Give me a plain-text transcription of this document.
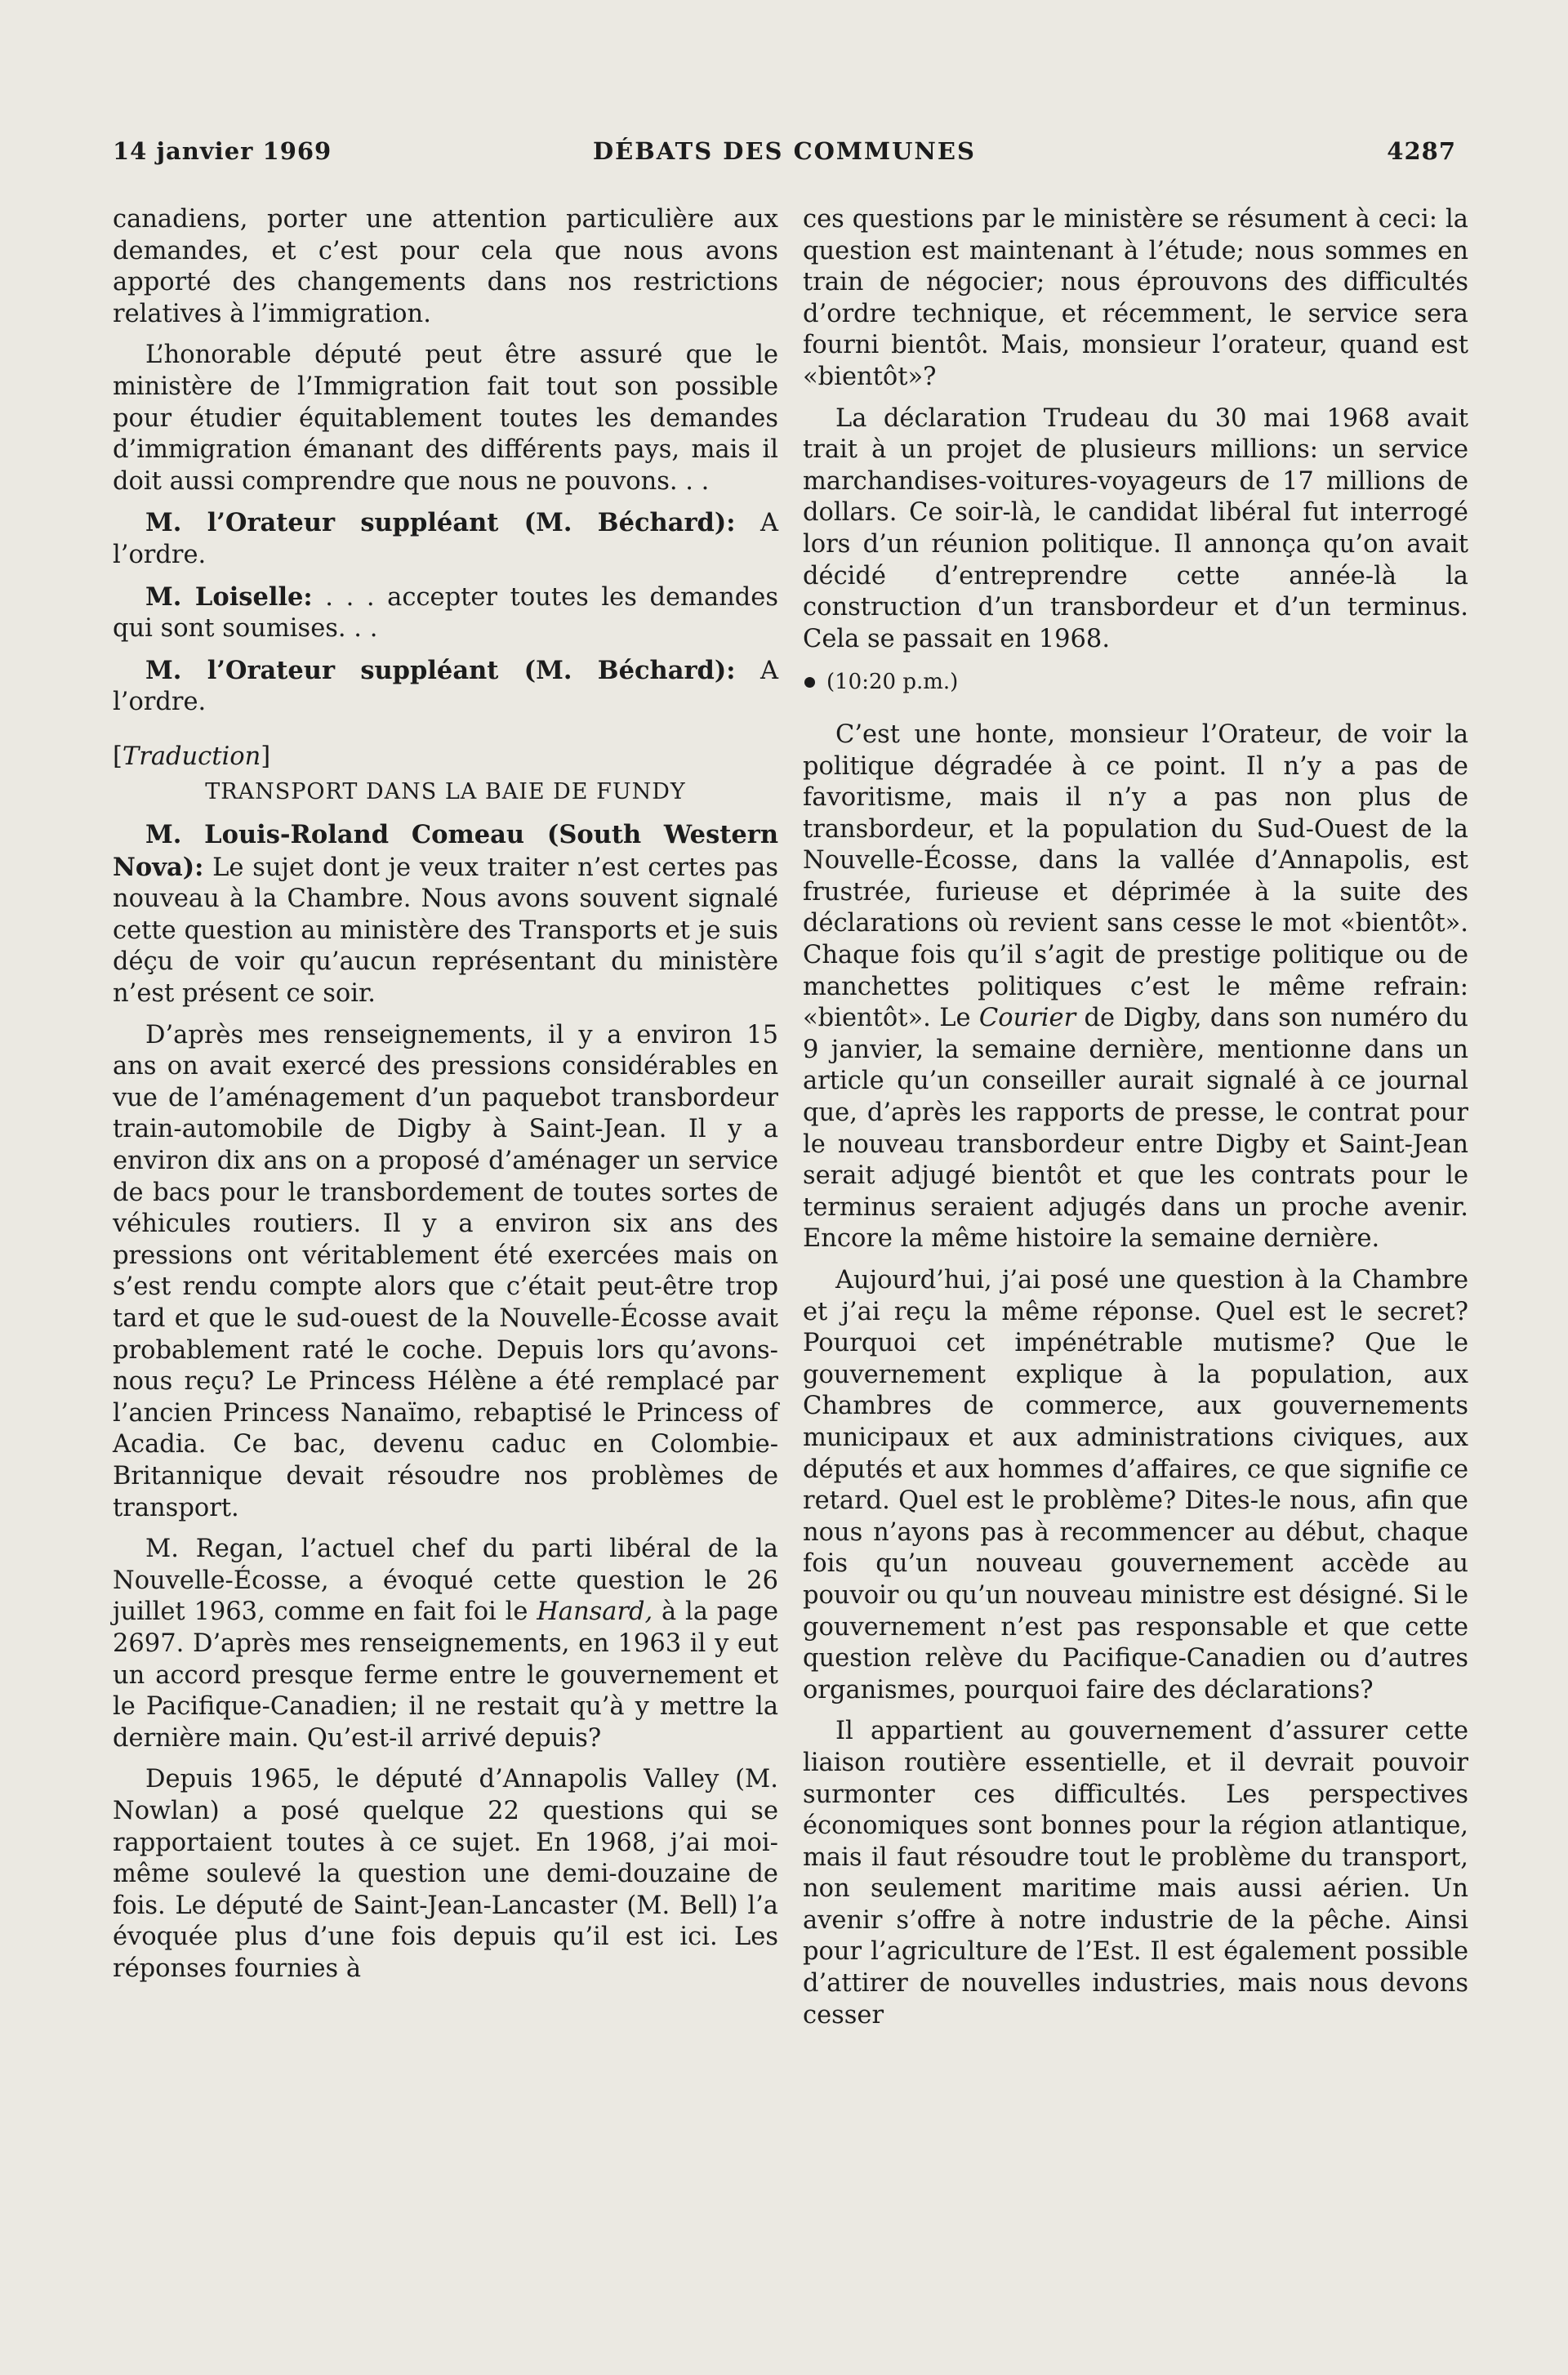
14 janvier 1969	DÉBATS DES COMMUNES	4287

canadiens, porter une attention particulière aux demandes, et c’est pour cela que nous avons apporté des changements dans nos restrictions relatives à l’immigration.

L’honorable député peut être assuré que le ministère de l’Immigration fait tout son possible pour étudier équitablement toutes les demandes d’immigration émanant des différents pays, mais il doit aussi comprendre que nous ne pouvons. . .

M. l’Orateur suppléant (M. Béchard): A l’ordre.

M. Loiselle: . . . accepter toutes les demandes qui sont soumises. . .

M. l’Orateur suppléant (M. Béchard): A l’ordre.

[Traduction]

TRANSPORT DANS LA BAIE DE FUNDY

M. Louis-Roland Comeau (South Western Nova): Le sujet dont je veux traiter n’est certes pas nouveau à la Chambre. Nous avons souvent signalé cette question au ministère des Transports et je suis déçu de voir qu’aucun représentant du ministère n’est présent ce soir.

D’après mes renseignements, il y a environ 15 ans on avait exercé des pressions considérables en vue de l’aménagement d’un paquebot transbordeur train-automobile de Digby à Saint-Jean. Il y a environ dix ans on a proposé d’aménager un service de bacs pour le transbordement de toutes sortes de véhicules routiers. Il y a environ six ans des pressions ont véritablement été exercées mais on s’est rendu compte alors que c’était peut-être trop tard et que le sud-ouest de la Nouvelle-Écosse avait probablement raté le coche. Depuis lors qu’avons-nous reçu? Le Princess Hélène a été remplacé par l’ancien Princess Nanaïmo, rebaptisé le Princess of Acadia. Ce bac, devenu caduc en Colombie-Britannique devait résoudre nos problèmes de transport.

M. Regan, l’actuel chef du parti libéral de la Nouvelle-Écosse, a évoqué cette question le 26 juillet 1963, comme en fait foi le Hansard, à la page 2697. D’après mes renseignements, en 1963 il y eut un accord presque ferme entre le gouvernement et le Pacifique-Canadien; il ne restait qu’à y mettre la dernière main. Qu’est-il arrivé depuis?

Depuis 1965, le député d’Annapolis Valley (M. Nowlan) a posé quelque 22 questions qui se rapportaient toutes à ce sujet. En 1968, j’ai moi-même soulevé la question une demi-douzaine de fois. Le député de Saint-Jean-Lancaster (M. Bell) l’a évoquée plus d’une fois depuis qu’il est ici. Les réponses fournies à

ces questions par le ministère se résument à ceci: la question est maintenant à l’étude; nous sommes en train de négocier; nous éprouvons des difficultés d’ordre technique, et récemment, le service sera fourni bientôt. Mais, monsieur l’orateur, quand est «bientôt»?

La déclaration Trudeau du 30 mai 1968 avait trait à un projet de plusieurs millions: un service marchandises-voitures-voyageurs de 17 millions de dollars. Ce soir-là, le candidat libéral fut interrogé lors d’un réunion politique. Il annonça qu’on avait décidé d’entreprendre cette année-là la construction d’un transbordeur et d’un terminus. Cela se passait en 1968.

(10:20 p.m.)

C’est une honte, monsieur l’Orateur, de voir la politique dégradée à ce point. Il n’y a pas de favoritisme, mais il n’y a pas non plus de transbordeur, et la population du Sud-Ouest de la Nouvelle-Écosse, dans la vallée d’Annapolis, est frustrée, furieuse et déprimée à la suite des déclarations où revient sans cesse le mot «bientôt». Chaque fois qu’il s’agit de prestige politique ou de manchettes politiques c’est le même refrain: «bientôt». Le Courier de Digby, dans son numéro du 9 janvier, la semaine dernière, mentionne dans un article qu’un conseiller aurait signalé à ce journal que, d’après les rapports de presse, le contrat pour le nouveau transbordeur entre Digby et Saint-Jean serait adjugé bientôt et que les contrats pour le terminus seraient adjugés dans un proche avenir. Encore la même histoire la semaine dernière.

Aujourd’hui, j’ai posé une question à la Chambre et j’ai reçu la même réponse. Quel est le secret? Pourquoi cet impénétrable mutisme? Que le gouvernement explique à la population, aux Chambres de commerce, aux gouvernements municipaux et aux administrations civiques, aux députés et aux hommes d’affaires, ce que signifie ce retard. Quel est le problème? Dites-le nous, afin que nous n’ayons pas à recommencer au début, chaque fois qu’un nouveau gouvernement accède au pouvoir ou qu’un nouveau ministre est désigné. Si le gouvernement n’est pas responsable et que cette question relève du Pacifique-Canadien ou d’autres organismes, pourquoi faire des déclarations?

Il appartient au gouvernement d’assurer cette liaison routière essentielle, et il devrait pouvoir surmonter ces difficultés. Les perspectives économiques sont bonnes pour la région atlantique, mais il faut résoudre tout le problème du transport, non seulement maritime mais aussi aérien. Un avenir s’offre à notre industrie de la pêche. Ainsi pour l’agriculture de l’Est. Il est également possible d’attirer de nouvelles industries, mais nous devons cesser
